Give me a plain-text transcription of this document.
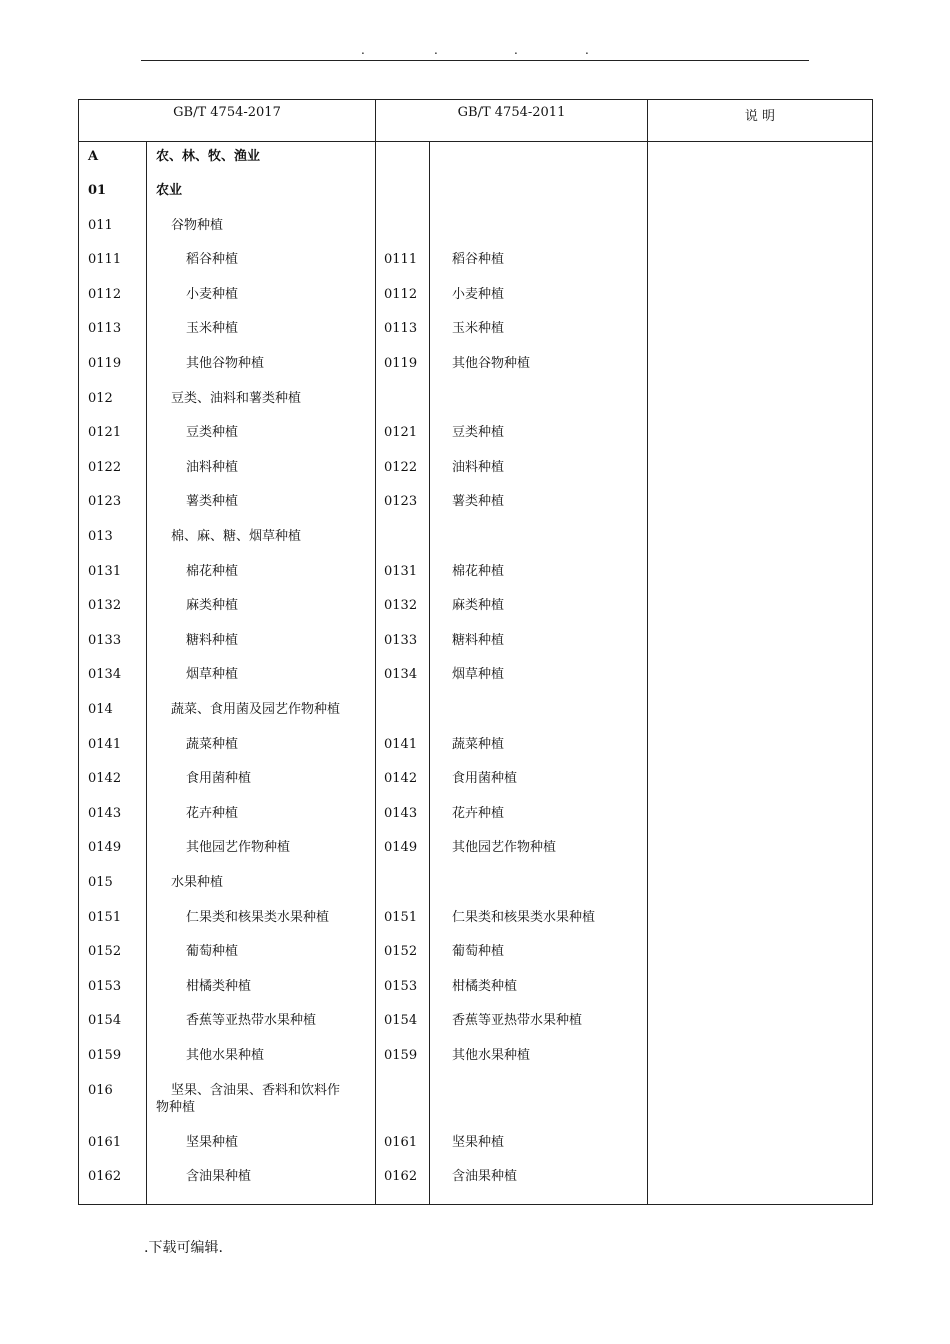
.	.	.	.
GB/T 4754-2017		GB/T 4754-2011		说 明
A	农、林、牧、渔业			
01	农业			
011	谷物种植			
0111	稻谷种植	0111	稻谷种植	
0112	小麦种植	0112	小麦种植	
0113	玉米种植	0113	玉米种植	
0119	其他谷物种植	0119	其他谷物种植	
012	豆类、油料和薯类种植			
0121	豆类种植	0121	豆类种植	
0122	油料种植	0122	油料种植	
0123	薯类种植	0123	薯类种植	
013	棉、麻、糖、烟草种植			
0131	棉花种植	0131	棉花种植	
0132	麻类种植	0132	麻类种植	
0133	糖料种植	0133	糖料种植	
0134	烟草种植	0134	烟草种植	
014	蔬菜、食用菌及园艺作物种植			
0141	蔬菜种植	0141	蔬菜种植	
0142	食用菌种植	0142	食用菌种植	
0143	花卉种植	0143	花卉种植	
0149	其他园艺作物种植	0149	其他园艺作物种植	
015	水果种植			
0151	仁果类和核果类水果种植	0151	仁果类和核果类水果种植	
0152	葡萄种植	0152	葡萄种植	
0153	柑橘类种植	0153	柑橘类种植	
0154	香蕉等亚热带水果种植	0154	香蕉等亚热带水果种植	
0159	其他水果种植	0159	其他水果种植	
016	坚果、含油果、香料和饮料作
物种植			

0161	坚果种植	0161	坚果种植	
0162	含油果种植	0162	含油果种植	
.下载可编辑.
